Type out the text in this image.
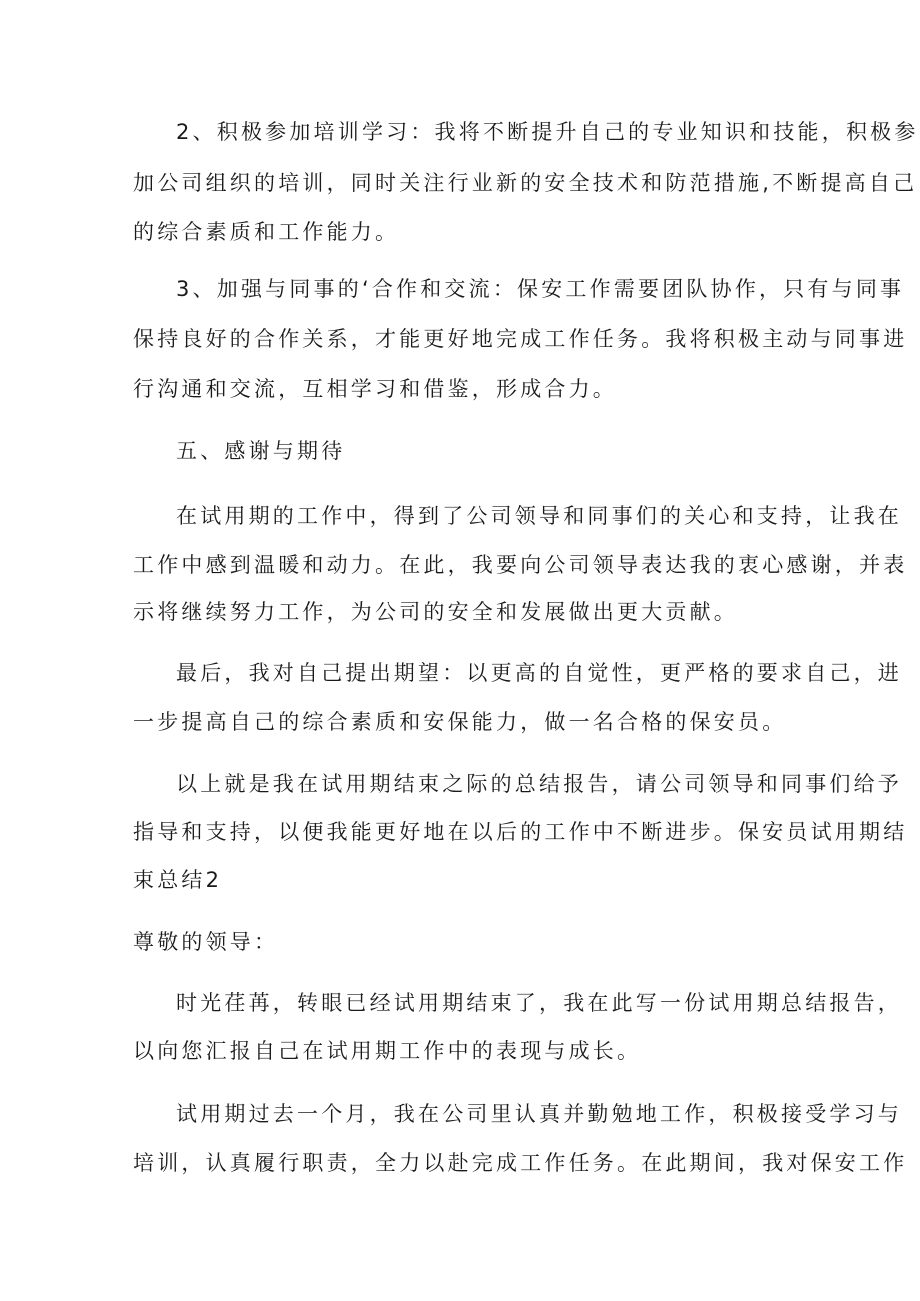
2、积极参加培训学习：我将不断提升自己的专业知识和技能，积极参

加公司组织的培训，同时关注行业新的安全技术和防范措施,不断提高自己

的综合素质和工作能力。

3、加强与同事的‘合作和交流：保安工作需要团队协作，只有与同事

保持良好的合作关系，才能更好地完成工作任务。我将积极主动与同事进

行沟通和交流，互相学习和借鉴，形成合力。

五、感谢与期待

在试用期的工作中，得到了公司领导和同事们的关心和支持，让我在

工作中感到温暖和动力。在此，我要向公司领导表达我的衷心感谢，并表

示将继续努力工作，为公司的安全和发展做出更大贡献。

最后，我对自己提出期望：以更高的自觉性，更严格的要求自己，进

一步提高自己的综合素质和安保能力，做一名合格的保安员。

以上就是我在试用期结束之际的总结报告，请公司领导和同事们给予

指导和支持，以便我能更好地在以后的工作中不断进步。保安员试用期结

束总结2

尊敬的领导：

时光荏苒，转眼已经试用期结束了，我在此写一份试用期总结报告，

以向您汇报自己在试用期工作中的表现与成长。

试用期过去一个月，我在公司里认真并勤勉地工作，积极接受学习与

培训，认真履行职责，全力以赴完成工作任务。在此期间，我对保安工作
